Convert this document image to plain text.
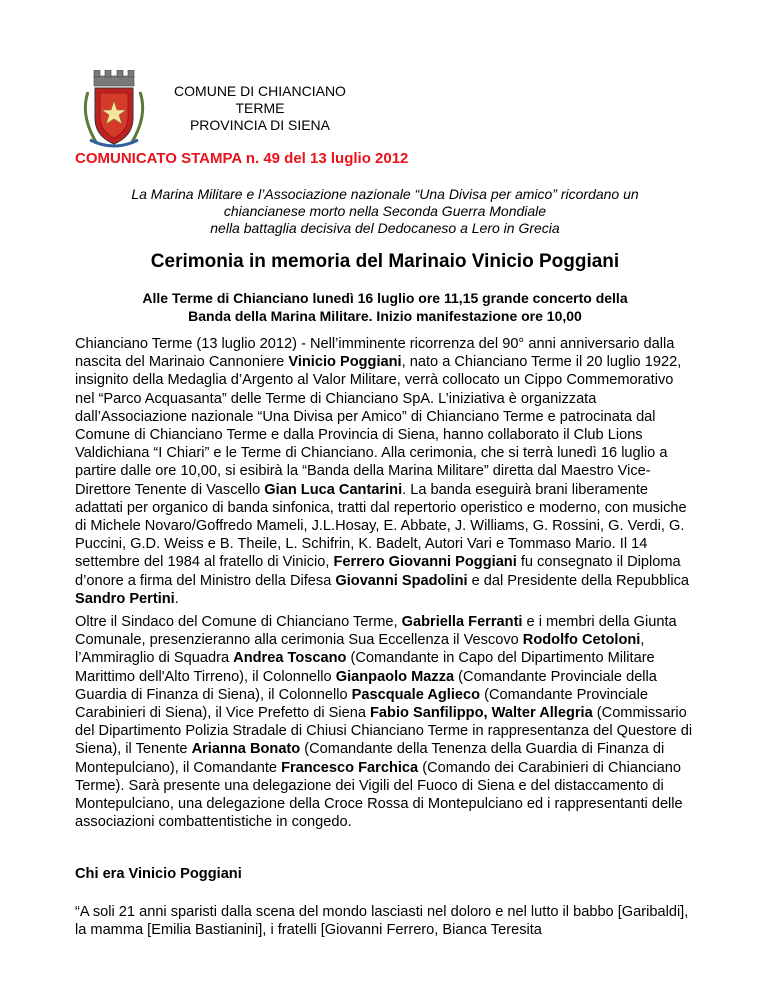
COMUNE DI CHIANCIANO
TERME
PROVINCIA DI SIENA
COMUNICATO STAMPA n. 49 del 13 luglio 2012
La Marina Militare e l’Associazione nazionale “Una Divisa per amico” ricordano un
chiancianese morto nella Seconda Guerra Mondiale
nella battaglia decisiva del Dedocaneso a Lero in Grecia
Cerimonia in memoria del Marinaio Vinicio Poggiani
Alle Terme di Chianciano lunedì 16 luglio ore 11,15 grande concerto della
Banda della Marina Militare. Inizio manifestazione ore 10,00
Chianciano Terme (13 luglio 2012) - Nell’imminente ricorrenza del 90° anni anniversario dalla nascita del Marinaio Cannoniere Vinicio Poggiani, nato a Chianciano Terme il 20 luglio 1922, insignito della Medaglia d’Argento al Valor Militare, verrà collocato un Cippo Commemorativo nel “Parco Acquasanta” delle Terme di Chianciano SpA. L’iniziativa è organizzata dall’Associazione nazionale “Una Divisa per Amico” di Chianciano Terme e patrocinata dal Comune di Chianciano Terme e dalla Provincia di Siena, hanno collaborato il Club Lions Valdichiana “I Chiari” e le Terme di Chianciano. Alla cerimonia, che si terrà lunedì 16 luglio a partire dalle ore 10,00, si esibirà la “Banda della Marina Militare” diretta dal Maestro Vice-Direttore Tenente di Vascello Gian Luca Cantarini. La banda eseguirà brani liberamente adattati per organico di banda sinfonica, tratti dal repertorio operistico e moderno, con musiche di Michele Novaro/Goffredo Mameli, J.L.Hosay, E. Abbate, J. Williams, G. Rossini, G. Verdi, G. Puccini, G.D. Weiss e B. Theile, L. Schifrin, K. Badelt, Autori Vari e Tommaso Mario. Il 14 settembre del 1984 al fratello di Vinicio, Ferrero Giovanni Poggiani fu consegnato il Diploma d’onore a firma del Ministro della Difesa Giovanni Spadolini e dal Presidente della Repubblica Sandro Pertini.
Oltre il Sindaco del Comune di Chianciano Terme, Gabriella Ferranti e i membri della Giunta Comunale, presenzieranno alla cerimonia Sua Eccellenza il Vescovo Rodolfo Cetoloni, l’Ammiraglio di Squadra Andrea Toscano (Comandante in Capo del Dipartimento Militare Marittimo dell'Alto Tirreno), il Colonnello Gianpaolo Mazza (Comandante Provinciale della Guardia di Finanza di Siena), il Colonnello Pascquale Aglieco (Comandante Provinciale Carabinieri di Siena), il Vice Prefetto di Siena Fabio Sanfilippo, Walter Allegria (Commissario del Dipartimento Polizia Stradale di Chiusi Chianciano Terme in rappresentanza del Questore di Siena), il Tenente Arianna Bonato (Comandante della Tenenza della Guardia di Finanza di Montepulciano), il Comandante Francesco Farchica (Comando dei Carabinieri di Chianciano Terme). Sarà presente una delegazione dei Vigili del Fuoco di Siena e del distaccamento di Montepulciano, una delegazione della Croce Rossa di Montepulciano ed i rappresentanti delle associazioni combattentistiche in congedo.
Chi era Vinicio Poggiani
“A soli 21 anni sparisti dalla scena del mondo lasciasti nel doloro e nel lutto il babbo [Garibaldi], la mamma [Emilia Bastianini], i fratelli [Giovanni Ferrero, Bianca Teresita
